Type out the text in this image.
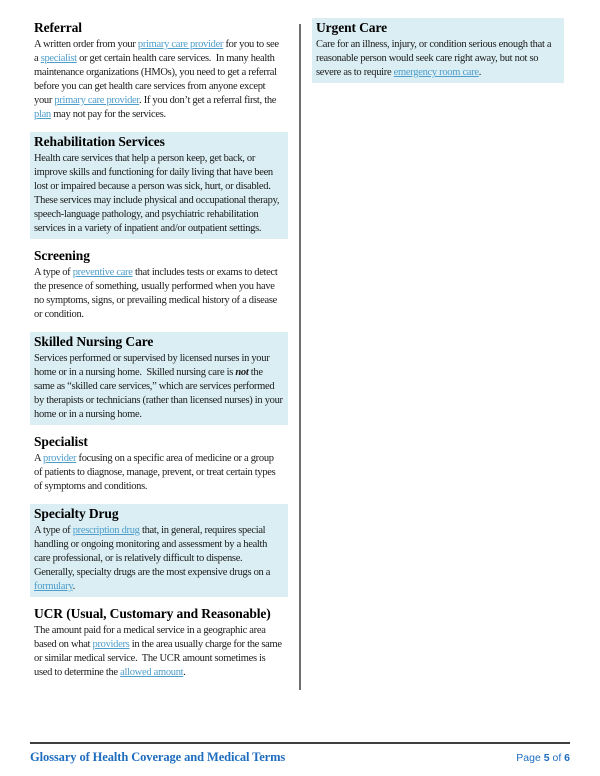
Referral

A written order from your primary care provider for you to see a specialist or get certain health care services.  In many health maintenance organizations (HMOs), you need to get a referral before you can get health care services from anyone except your primary care provider. If you don’t get a referral first, the plan may not pay for the services.

Rehabilitation Services

Health care services that help a person keep, get back, or improve skills and functioning for daily living that have been lost or impaired because a person was sick, hurt, or disabled.  These services may include physical and occupational therapy, speech-language pathology, and psychiatric rehabilitation services in a variety of inpatient and/or outpatient settings.

Screening

A type of preventive care that includes tests or exams to detect the presence of something, usually performed when you have no symptoms, signs, or prevailing medical history of a disease or condition.

Skilled Nursing Care

Services performed or supervised by licensed nurses in your home or in a nursing home.  Skilled nursing care is not the same as “skilled care services,” which are services performed by therapists or technicians (rather than licensed nurses) in your home or in a nursing home.

Specialist

A provider focusing on a specific area of medicine or a group of patients to diagnose, manage, prevent, or treat certain types of symptoms and conditions.

Specialty Drug

A type of prescription drug that, in general, requires special handling or ongoing monitoring and assessment by a health care professional, or is relatively difficult to dispense.  Generally, specialty drugs are the most expensive drugs on a formulary.

UCR (Usual, Customary and Reasonable)

The amount paid for a medical service in a geographic area based on what providers in the area usually charge for the same or similar medical service.  The UCR amount sometimes is used to determine the allowed amount.

Urgent Care

Care for an illness, injury, or condition serious enough that a reasonable person would seek care right away, but not so severe as to require emergency room care.

Glossary of Health Coverage and Medical Terms	Page 5 of 6
